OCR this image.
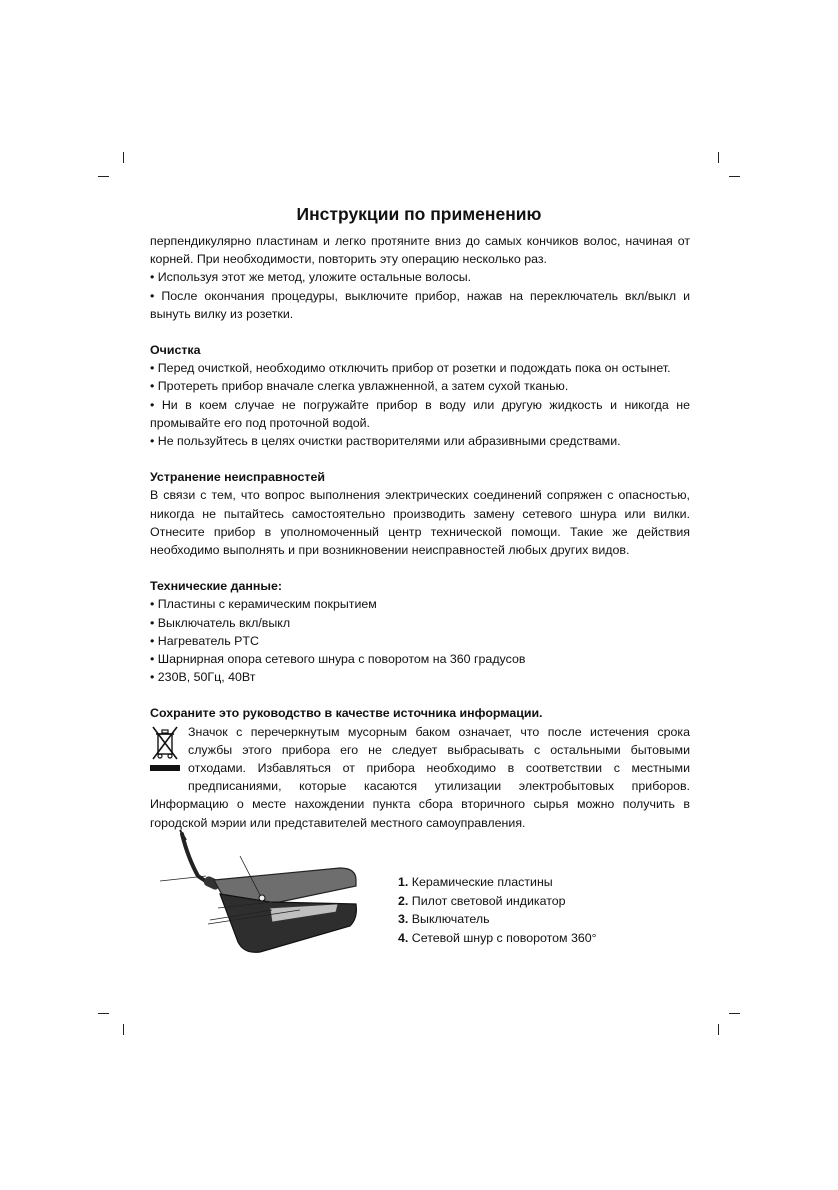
Инструкции по применению

перпендикулярно пластинам и легко протяните вниз до самых кончиков волос, начиная от корней. При необходимости, повторить эту операцию несколько раз.

• Используя этот же метод, уложите остальные волосы.

• После окончания процедуры, выключите прибор, нажав на переключатель вкл/выкл и вынуть вилку из розетки.

Очистка

• Перед очисткой, необходимо отключить прибор от розетки и подождать пока он остынет.

• Протереть прибор вначале слегка увлажненной, а затем сухой тканью.

• Ни в коем случае не погружайте прибор в воду или другую жидкость и никогда не промывайте его под проточной водой.

• Не пользуйтесь в целях очистки растворителями или абразивными средствами.

Устранение неисправностей

В связи с тем, что вопрос выполнения электрических соединений сопряжен с опасностью, никогда не пытайтесь самостоятельно производить замену сетевого шнура или вилки. Отнесите прибор в уполномоченный центр технической помощи. Такие же действия необходимо выполнять и при возникновении неисправностей любых других видов.

Технические данные:

• Пластины с керамическим покрытием

• Выключатель вкл/выкл

• Нагреватель PTC

• Шарнирная опора сетевого шнура с поворотом на 360 градусов

• 230В, 50Гц, 40Вт

Сохраните это руководство в качестве источника информации.

Значок с перечеркнутым мусорным баком означает, что после истечения срока службы этого прибора его не следует выбрасывать с остальными бытовыми отходами. Избавляться от прибора необходимо в соответствии с местными предписаниями, которые касаются утилизации электробытовых приборов. Информацию о месте нахождении пункта сбора вторичного сырья можно получить в городской мэрии или представителей местного самоуправления.

1. Керамические пластины
2. Пилот световой индикатор
3. Выключатель
4. Сетевой шнур с поворотом 360°
